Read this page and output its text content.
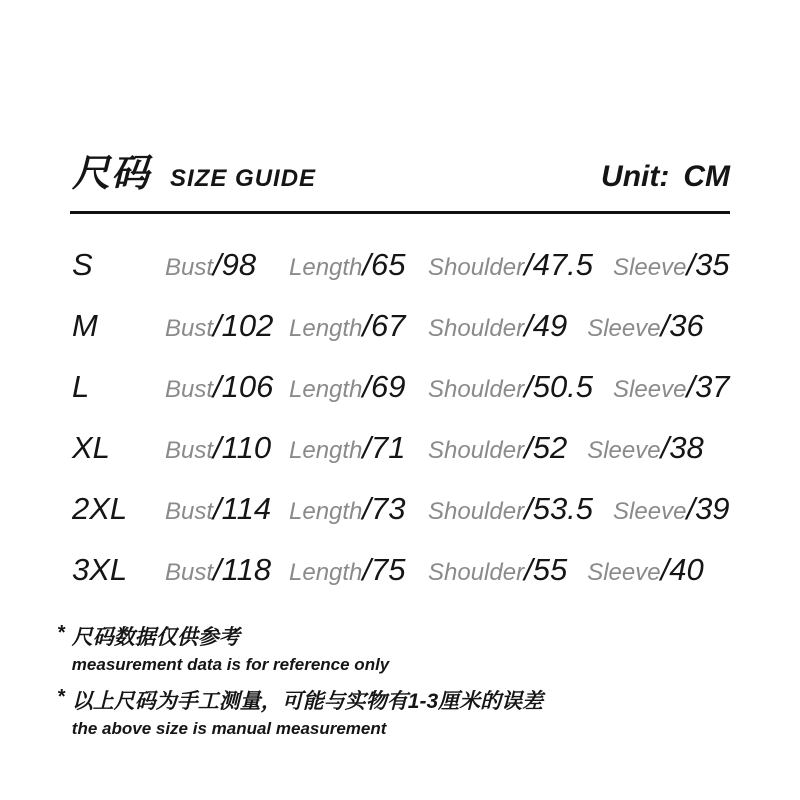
尺码 SIZE GUIDE	Unit: CM
S	Bust/98	Length/65 Shoulder/47.5 Sleeve/35
M	Bust/102 Length/67 Shoulder/49 Sleeve/36
L	Bust/106 Length/69 Shoulder/50.5 Sleeve/37
XL	Bust/110 Length/71 Shoulder/52 Sleeve/38
2XL	Bust/114 Length/73 Shoulder/53.5 Sleeve/39
3XL	Bust/118 Length/75 Shoulder/55 Sleeve/40
* 尺码数据仅供参考
measurement data is for reference only
* 以上尺码为手工测量，可能与实物有1-3厘米的误差
the above size is manual measurement
